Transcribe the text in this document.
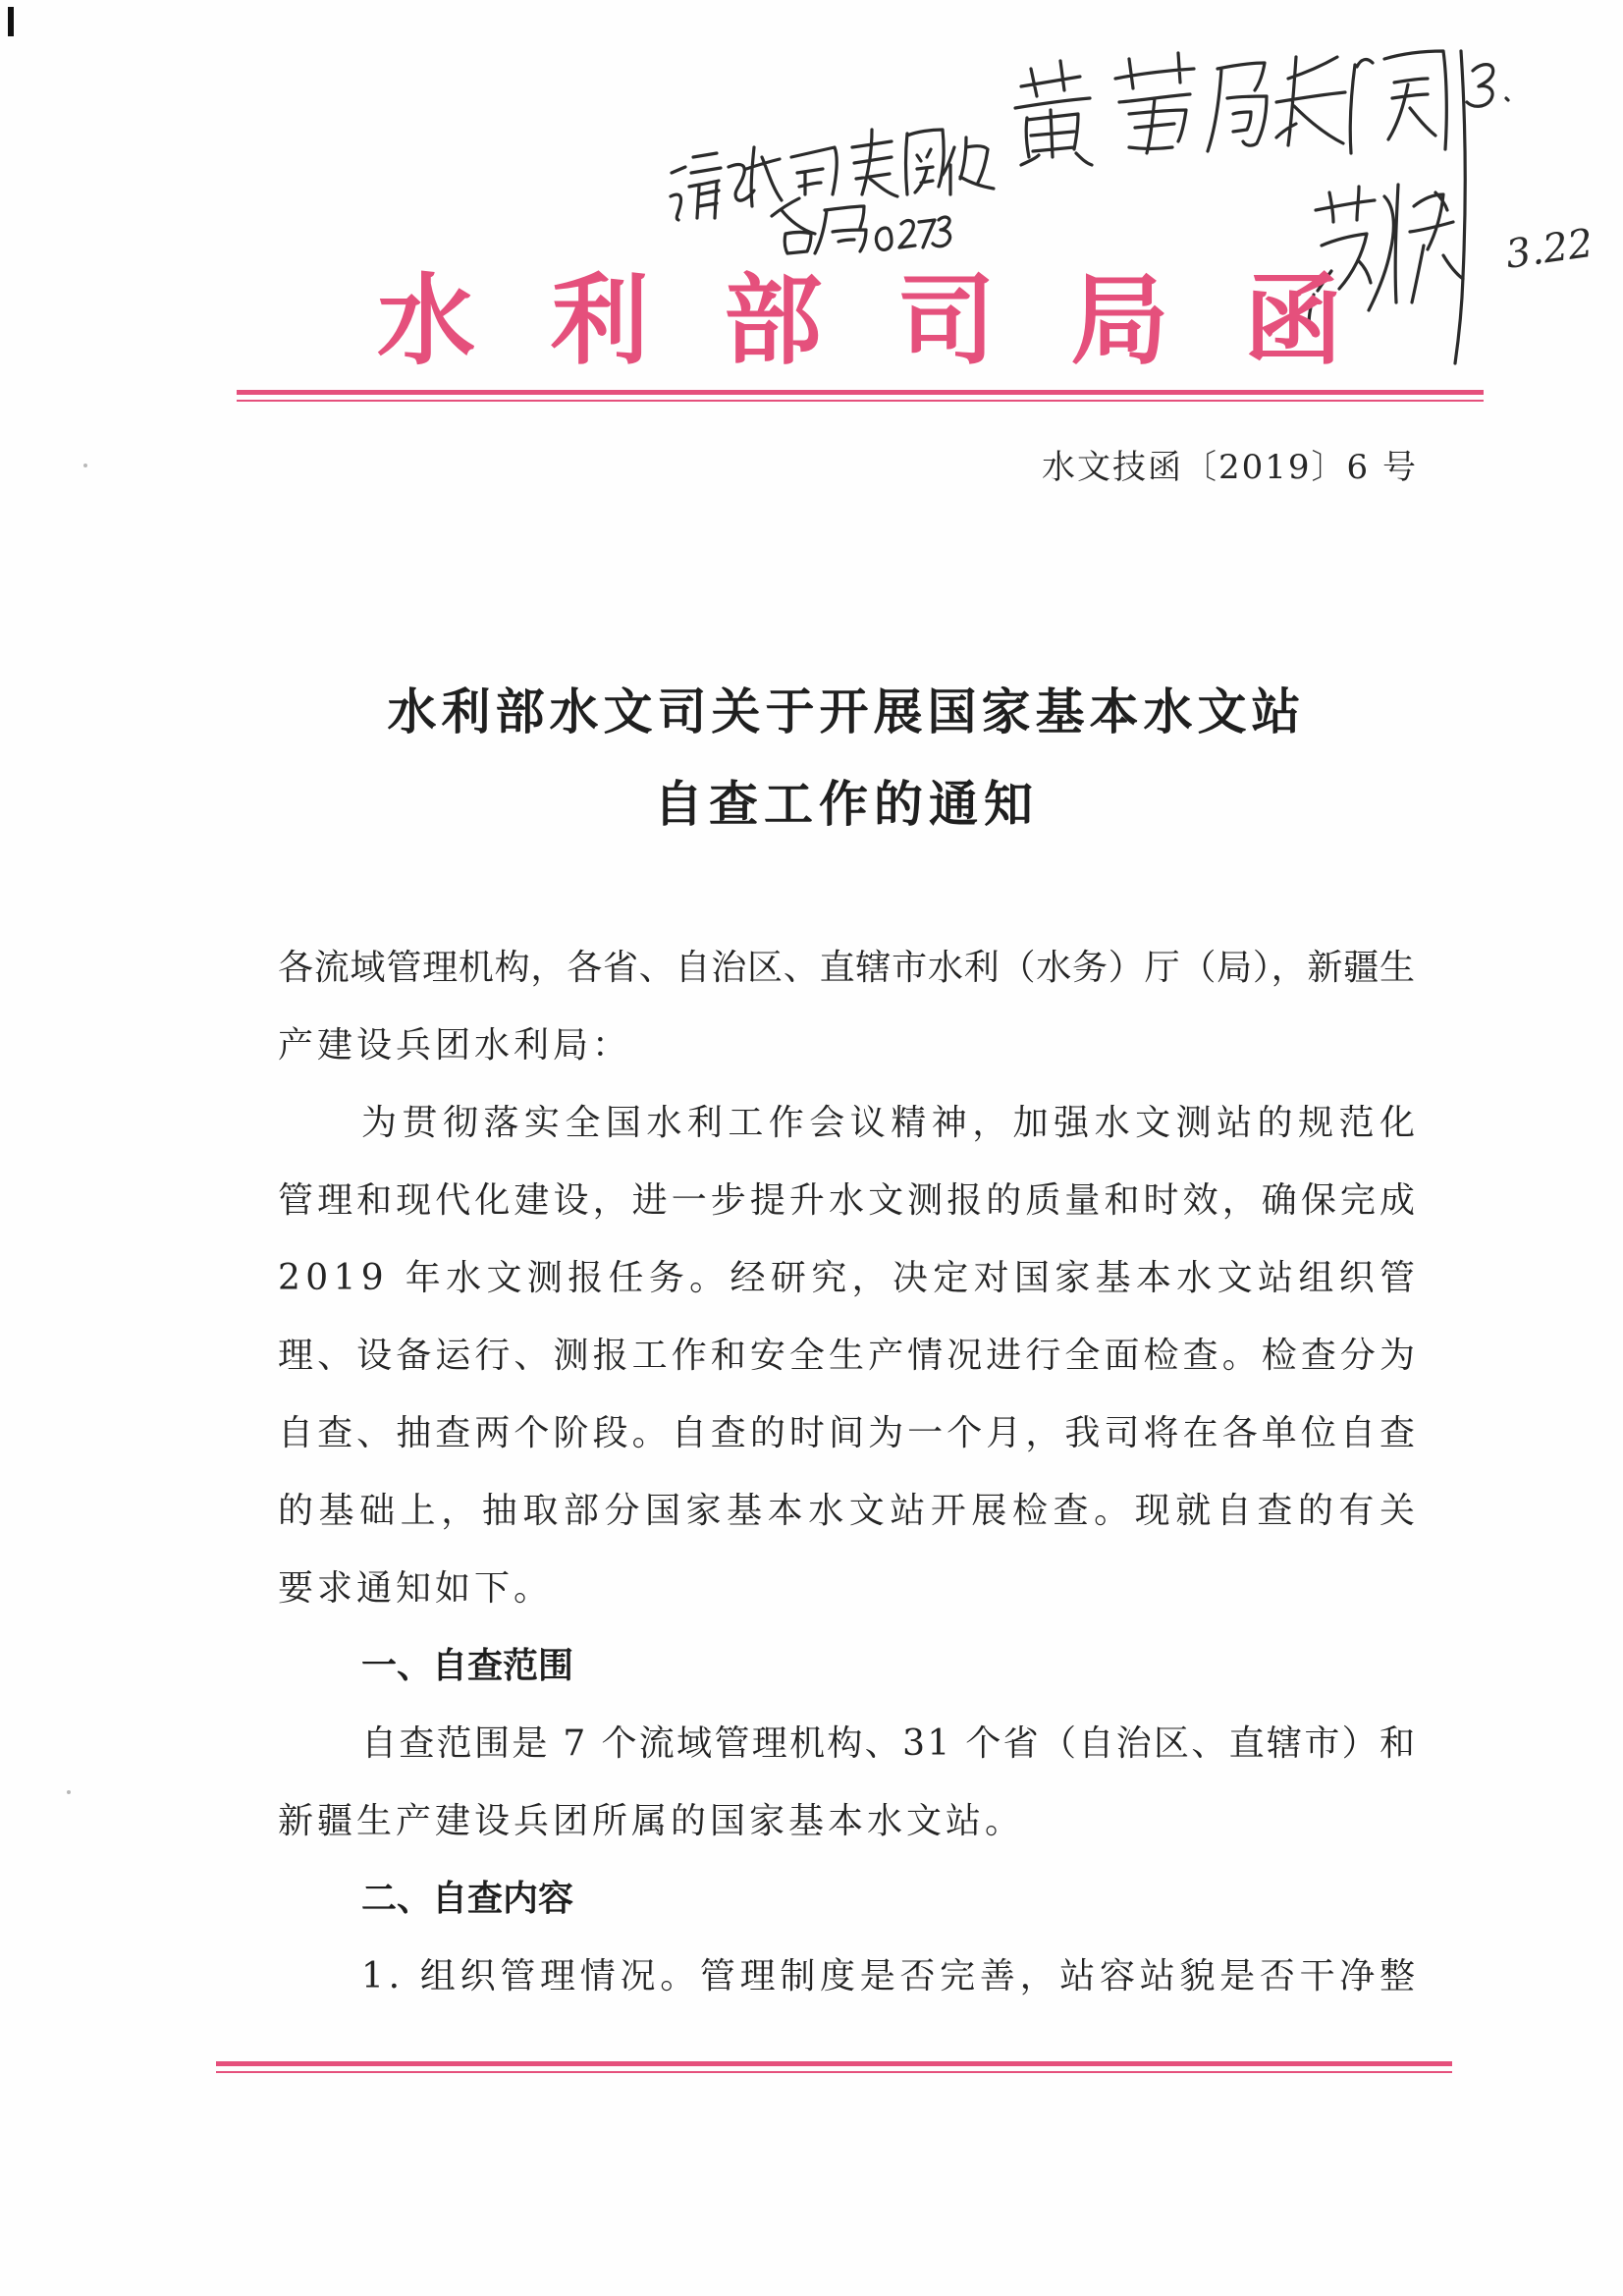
3.22
水利部司局函
水文技函〔2019〕6 号
水利部水文司关于开展国家基本水文站
自查工作的通知
各流域管理机构，各省、自治区、直辖市水利（水务）厅（局），新疆生
产建设兵团水利局：
为贯彻落实全国水利工作会议精神，加强水文测站的规范化
管理和现代化建设，进一步提升水文测报的质量和时效，确保完成
2019 年水文测报任务。经研究，决定对国家基本水文站组织管
理、设备运行、测报工作和安全生产情况进行全面检查。检查分为
自查、抽查两个阶段。自查的时间为一个月，我司将在各单位自查
的基础上，抽取部分国家基本水文站开展检查。现就自查的有关
要求通知如下。
一、自查范围
自查范围是 7 个流域管理机构、31 个省（自治区、直辖市）和
新疆生产建设兵团所属的国家基本水文站。
二、自查内容
1. 组织管理情况。管理制度是否完善，站容站貌是否干净整
